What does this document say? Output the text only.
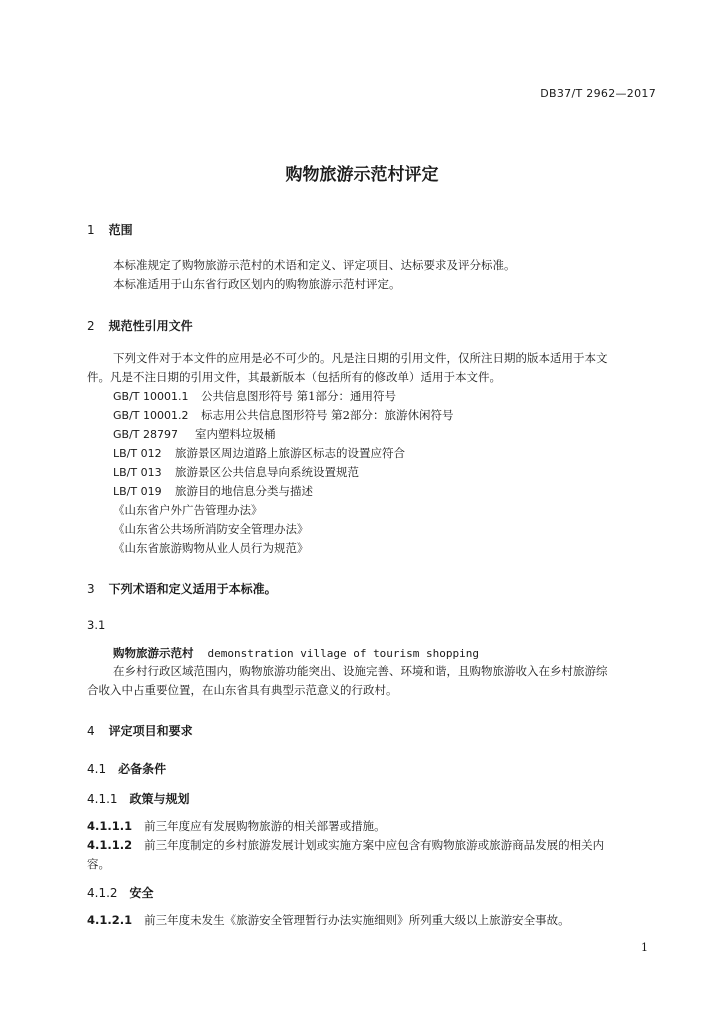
DB37/T 2962—2017
购物旅游示范村评定
1 范围
本标准规定了购物旅游示范村的术语和定义、评定项目、达标要求及评分标准。
本标准适用于山东省行政区划内的购物旅游示范村评定。
2 规范性引用文件
下列文件对于本文件的应用是必不可少的。凡是注日期的引用文件，仅所注日期的版本适用于本文
件。凡是不注日期的引用文件，其最新版本（包括所有的修改单）适用于本文件。
GB/T 10001.1 公共信息图形符号 第1部分：通用符号
GB/T 10001.2 标志用公共信息图形符号 第2部分：旅游休闲符号
GB/T 28797 室内塑料垃圾桶
LB/T 012 旅游景区周边道路上旅游区标志的设置应符合
LB/T 013 旅游景区公共信息导向系统设置规范
LB/T 019 旅游目的地信息分类与描述
《山东省户外广告管理办法》
《山东省公共场所消防安全管理办法》
《山东省旅游购物从业人员行为规范》
3 下列术语和定义适用于本标准。
3.1
购物旅游示范村 demonstration village of tourism shopping
在乡村行政区域范围内，购物旅游功能突出、设施完善、环境和谐，且购物旅游收入在乡村旅游综
合收入中占重要位置，在山东省具有典型示范意义的行政村。
4 评定项目和要求
4.1 必备条件
4.1.1 政策与规划
4.1.1.1 前三年度应有发展购物旅游的相关部署或措施。
4.1.1.2 前三年度制定的乡村旅游发展计划或实施方案中应包含有购物旅游或旅游商品发展的相关内
容。
4.1.2 安全
4.1.2.1 前三年度未发生《旅游安全管理暂行办法实施细则》所列重大级以上旅游安全事故。
1
